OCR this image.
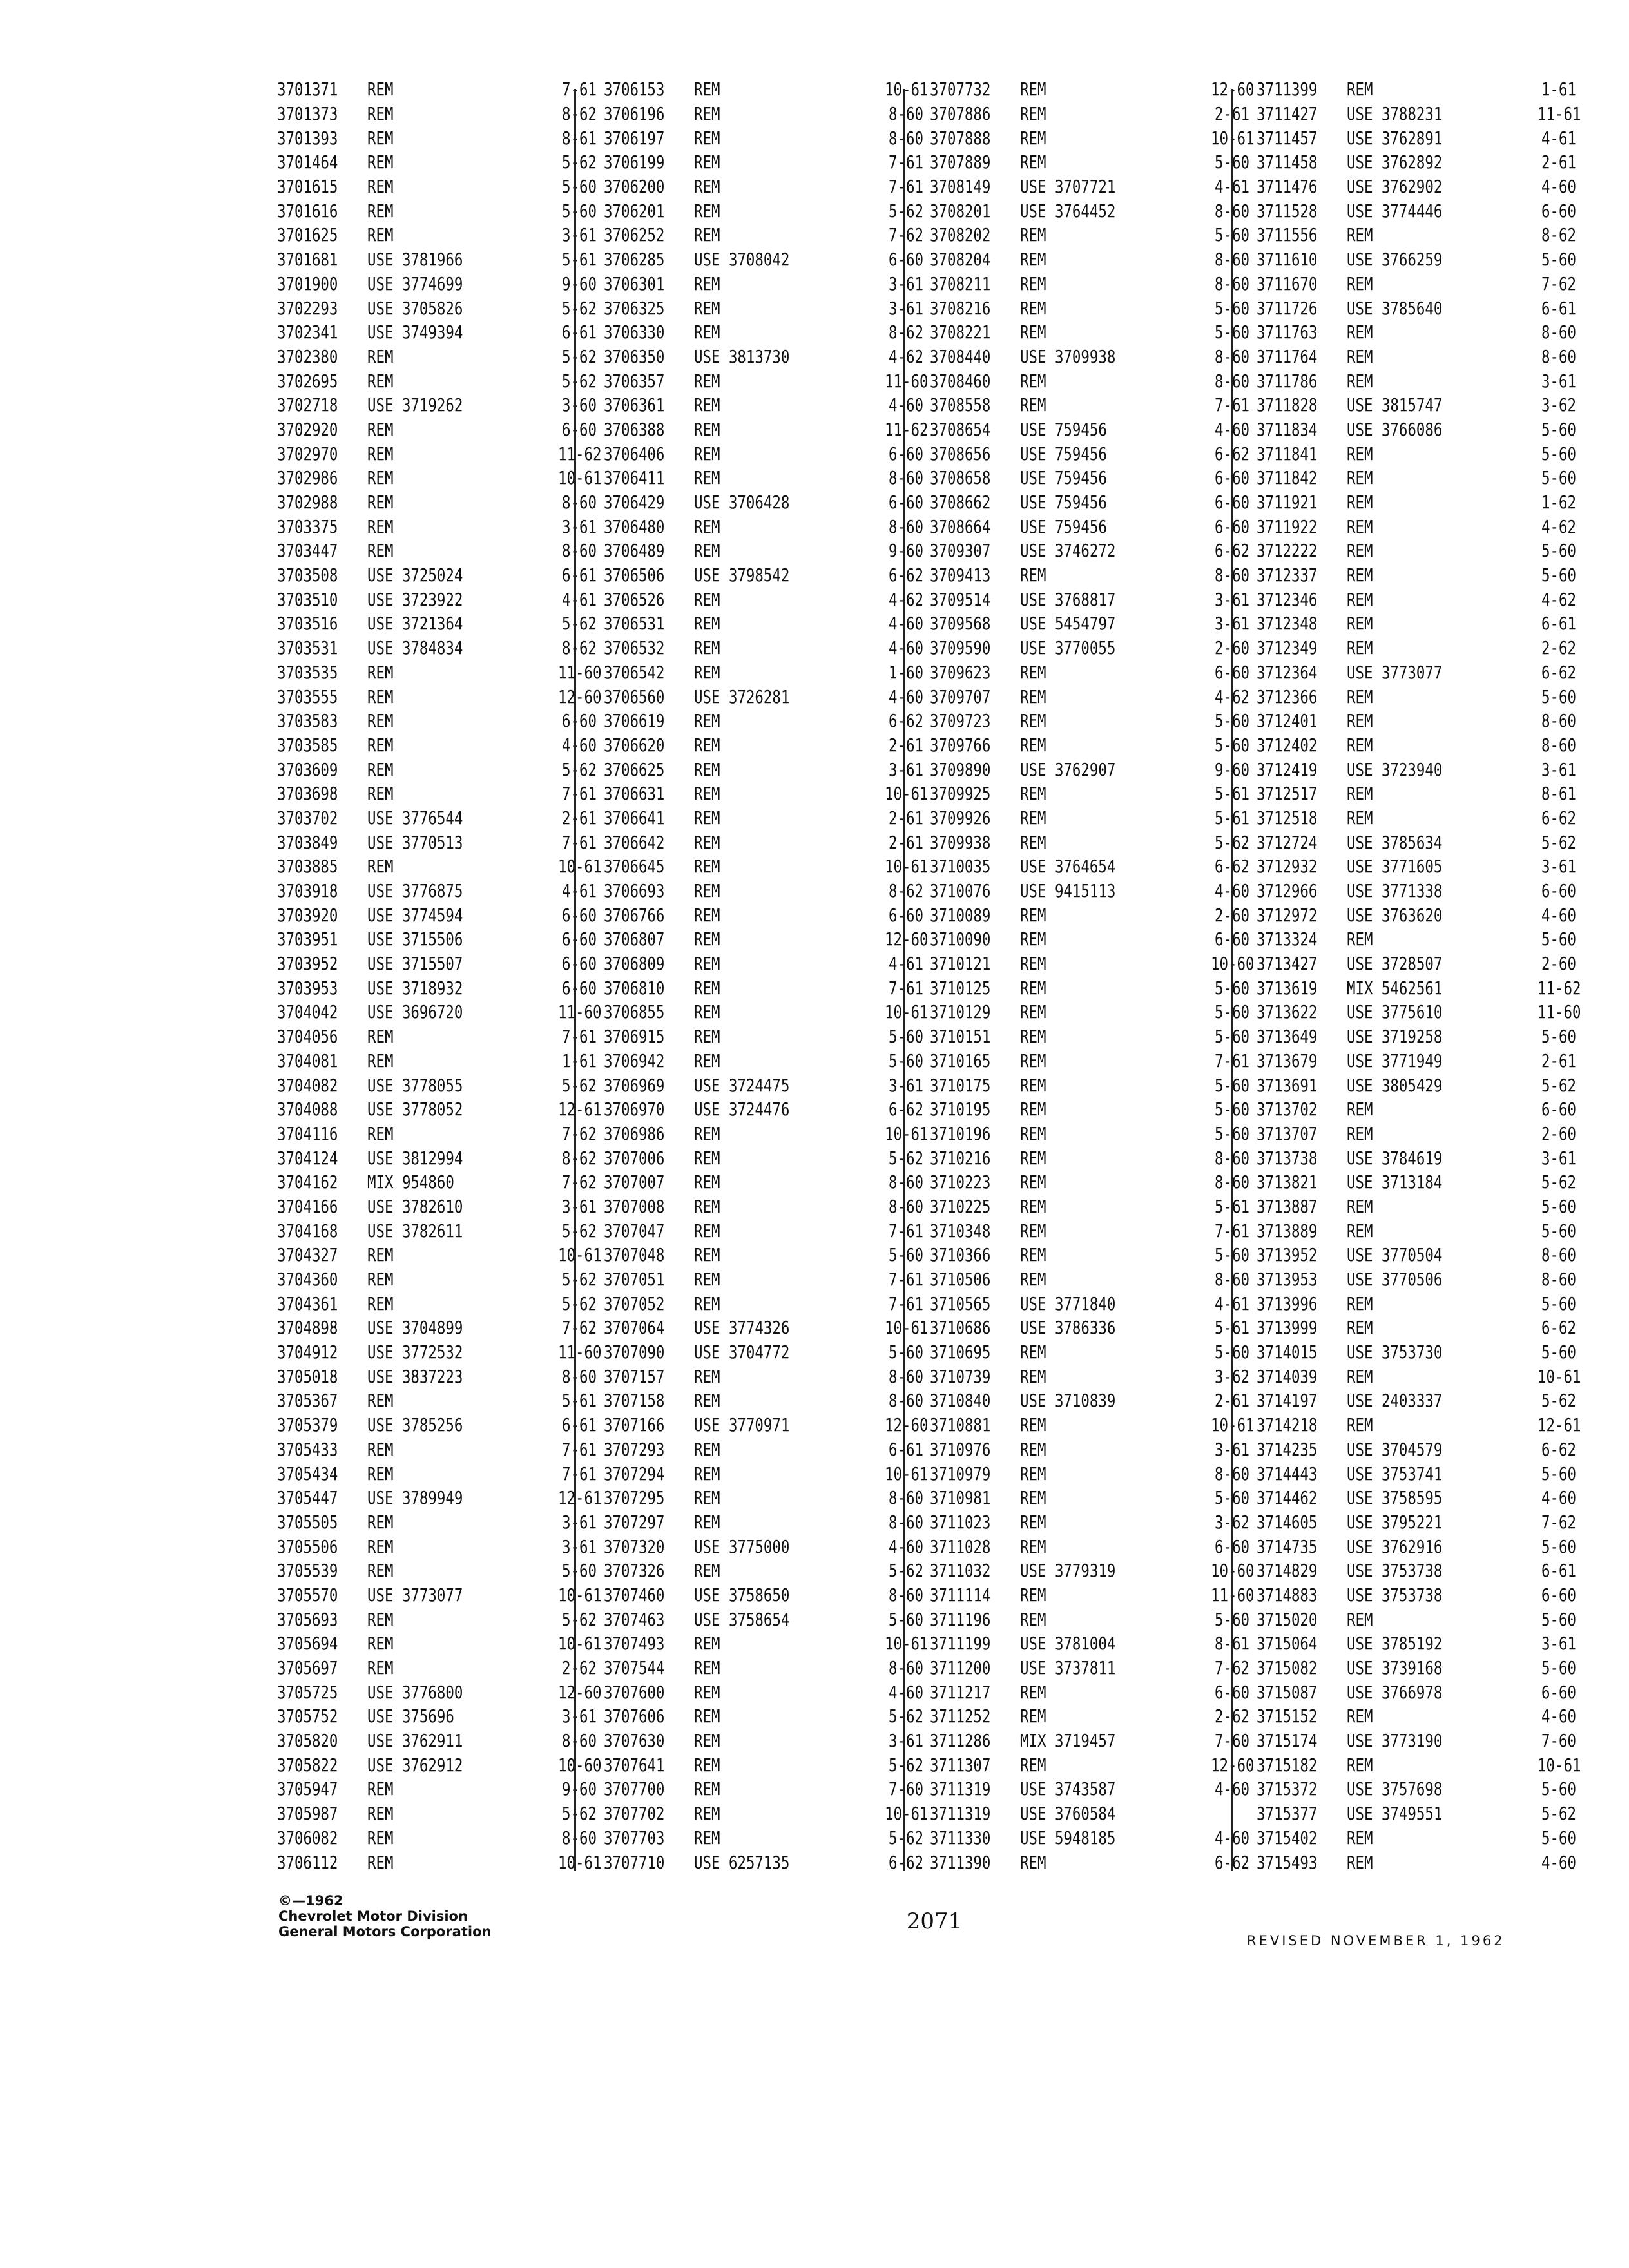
3701371	REM	7-61
3701373	REM	8-62
3701393	REM	8-61
3701464	REM	5-62
3701615	REM	5-60
3701616	REM	5-60
3701625	REM	3-61
3701681	USE 3781966	5-61
3701900	USE 3774699	9-60
3702293	USE 3705826	5-62
3702341	USE 3749394	6-61
3702380	REM	5-62
3702695	REM	5-62
3702718	USE 3719262	3-60
3702920	REM	6-60
3702970	REM	11-62
3702986	REM	10-61
3702988	REM	8-60
3703375	REM	3-61
3703447	REM	8-60
3703508	USE 3725024	6-61
3703510	USE 3723922	4-61
3703516	USE 3721364	5-62
3703531	USE 3784834	8-62
3703535	REM	11-60
3703555	REM	12-60
3703583	REM	6-60
3703585	REM	4-60
3703609	REM	5-62
3703698	REM	7-61
3703702	USE 3776544	2-61
3703849	USE 3770513	7-61
3703885	REM	10-61
3703918	USE 3776875	4-61
3703920	USE 3774594	6-60
3703951	USE 3715506	6-60
3703952	USE 3715507	6-60
3703953	USE 3718932	6-60
3704042	USE 3696720	11-60
3704056	REM	7-61
3704081	REM	1-61
3704082	USE 3778055	5-62
3704088	USE 3778052	12-61
3704116	REM	7-62
3704124	USE 3812994	8-62
3704162	MIX 954860	7-62
3704166	USE 3782610	3-61
3704168	USE 3782611	5-62
3704327	REM	10-61
3704360	REM	5-62
3704361	REM	5-62
3704898	USE 3704899	7-62
3704912	USE 3772532	11-60
3705018	USE 3837223	8-60
3705367	REM	5-61
3705379	USE 3785256	6-61
3705433	REM	7-61
3705434	REM	7-61
3705447	USE 3789949	12-61
3705505	REM	3-61
3705506	REM	3-61
3705539	REM	5-60
3705570	USE 3773077	10-61
3705693	REM	5-62
3705694	REM	10-61
3705697	REM	2-62
3705725	USE 3776800	12-60
3705752	USE 375696	3-61
3705820	USE 3762911	8-60
3705822	USE 3762912	10-60
3705947	REM	9-60
3705987	REM	5-62
3706082	REM	8-60
3706112	REM	10-61
3706153	REM	10-61
3706196	REM	8-60
3706197	REM	8-60
3706199	REM	7-61
3706200	REM	7-61
3706201	REM	5-62
3706252	REM	7-62
3706285	USE 3708042	6-60
3706301	REM	3-61
3706325	REM	3-61
3706330	REM	8-62
3706350	USE 3813730	4-62
3706357	REM	11-60
3706361	REM	4-60
3706388	REM	11-62
3706406	REM	6-60
3706411	REM	8-60
3706429	USE 3706428	6-60
3706480	REM	8-60
3706489	REM	9-60
3706506	USE 3798542	6-62
3706526	REM	4-62
3706531	REM	4-60
3706532	REM	4-60
3706542	REM	1-60
3706560	USE 3726281	4-60
3706619	REM	6-62
3706620	REM	2-61
3706625	REM	3-61
3706631	REM	10-61
3706641	REM	2-61
3706642	REM	2-61
3706645	REM	10-61
3706693	REM	8-62
3706766	REM	6-60
3706807	REM	12-60
3706809	REM	4-61
3706810	REM	7-61
3706855	REM	10-61
3706915	REM	5-60
3706942	REM	5-60
3706969	USE 3724475	3-61
3706970	USE 3724476	6-62
3706986	REM	10-61
3707006	REM	5-62
3707007	REM	8-60
3707008	REM	8-60
3707047	REM	7-61
3707048	REM	5-60
3707051	REM	7-61
3707052	REM	7-61
3707064	USE 3774326	10-61
3707090	USE 3704772	5-60
3707157	REM	8-60
3707158	REM	8-60
3707166	USE 3770971	12-60
3707293	REM	6-61
3707294	REM	10-61
3707295	REM	8-60
3707297	REM	8-60
3707320	USE 3775000	4-60
3707326	REM	5-62
3707460	USE 3758650	8-60
3707463	USE 3758654	5-60
3707493	REM	10-61
3707544	REM	8-60
3707600	REM	4-60
3707606	REM	5-62
3707630	REM	3-61
3707641	REM	5-62
3707700	REM	7-60
3707702	REM	10-61
3707703	REM	5-62
3707710	USE 6257135	6-62
3707732	REM	12-60
3707886	REM	2-61
3707888	REM	10-61
3707889	REM	5-60
3708149	USE 3707721	4-61
3708201	USE 3764452	8-60
3708202	REM	5-60
3708204	REM	8-60
3708211	REM	8-60
3708216	REM	5-60
3708221	REM	5-60
3708440	USE 3709938	8-60
3708460	REM	8-60
3708558	REM	7-61
3708654	USE 759456	4-60
3708656	USE 759456	6-62
3708658	USE 759456	6-60
3708662	USE 759456	6-60
3708664	USE 759456	6-60
3709307	USE 3746272	6-62
3709413	REM	8-60
3709514	USE 3768817	3-61
3709568	USE 5454797	3-61
3709590	USE 3770055	2-60
3709623	REM	6-60
3709707	REM	4-62
3709723	REM	5-60
3709766	REM	5-60
3709890	USE 3762907	9-60
3709925	REM	5-61
3709926	REM	5-61
3709938	REM	5-62
3710035	USE 3764654	6-62
3710076	USE 9415113	4-60
3710089	REM	2-60
3710090	REM	6-60
3710121	REM	10-60
3710125	REM	5-60
3710129	REM	5-60
3710151	REM	5-60
3710165	REM	7-61
3710175	REM	5-60
3710195	REM	5-60
3710196	REM	5-60
3710216	REM	8-60
3710223	REM	8-60
3710225	REM	5-61
3710348	REM	7-61
3710366	REM	5-60
3710506	REM	8-60
3710565	USE 3771840	4-61
3710686	USE 3786336	5-61
3710695	REM	5-60
3710739	REM	3-62
3710840	USE 3710839	2-61
3710881	REM	10-61
3710976	REM	3-61
3710979	REM	8-60
3710981	REM	5-60
3711023	REM	3-62
3711028	REM	6-60
3711032	USE 3779319	10-60
3711114	REM	11-60
3711196	REM	5-60
3711199	USE 3781004	8-61
3711200	USE 3737811	7-62
3711217	REM	6-60
3711252	REM	2-62
3711286	MIX 3719457	7-60
3711307	REM	12-60
3711319	USE 3743587	4-60
3711319	USE 3760584
3711330	USE 5948185	4-60
3711390	REM	6-62
3711399	REM	1-61
3711427	USE 3788231	11-61
3711457	USE 3762891	4-61
3711458	USE 3762892	2-61
3711476	USE 3762902	4-60
3711528	USE 3774446	6-60
3711556	REM	8-62
3711610	USE 3766259	5-60
3711670	REM	7-62
3711726	USE 3785640	6-61
3711763	REM	8-60
3711764	REM	8-60
3711786	REM	3-61
3711828	USE 3815747	3-62
3711834	USE 3766086	5-60
3711841	REM	5-60
3711842	REM	5-60
3711921	REM	1-62
3711922	REM	4-62
3712222	REM	5-60
3712337	REM	5-60
3712346	REM	4-62
3712348	REM	6-61
3712349	REM	2-62
3712364	USE 3773077	6-62
3712366	REM	5-60
3712401	REM	8-60
3712402	REM	8-60
3712419	USE 3723940	3-61
3712517	REM	8-61
3712518	REM	6-62
3712724	USE 3785634	5-62
3712932	USE 3771605	3-61
3712966	USE 3771338	6-60
3712972	USE 3763620	4-60
3713324	REM	5-60
3713427	USE 3728507	2-60
3713619	MIX 5462561	11-62
3713622	USE 3775610	11-60
3713649	USE 3719258	5-60
3713679	USE 3771949	2-61
3713691	USE 3805429	5-62
3713702	REM	6-60
3713707	REM	2-60
3713738	USE 3784619	3-61
3713821	USE 3713184	5-62
3713887	REM	5-60
3713889	REM	5-60
3713952	USE 3770504	8-60
3713953	USE 3770506	8-60
3713996	REM	5-60
3713999	REM	6-62
3714015	USE 3753730	5-60
3714039	REM	10-61
3714197	USE 2403337	5-62
3714218	REM	12-61
3714235	USE 3704579	6-62
3714443	USE 3753741	5-60
3714462	USE 3758595	4-60
3714605	USE 3795221	7-62
3714735	USE 3762916	5-60
3714829	USE 3753738	6-61
3714883	USE 3753738	6-60
3715020	REM	5-60
3715064	USE 3785192	3-61
3715082	USE 3739168	5-60
3715087	USE 3766978	6-60
3715152	REM	4-60
3715174	USE 3773190	7-60
3715182	REM	10-61
3715372	USE 3757698	5-60
3715377	USE 3749551	5-62
3715402	REM	5-60
3715493	REM	4-60
©—1962
Chevrolet Motor Division
General Motors Corporation	2071
REVISED NOVEMBER 1, 1962
